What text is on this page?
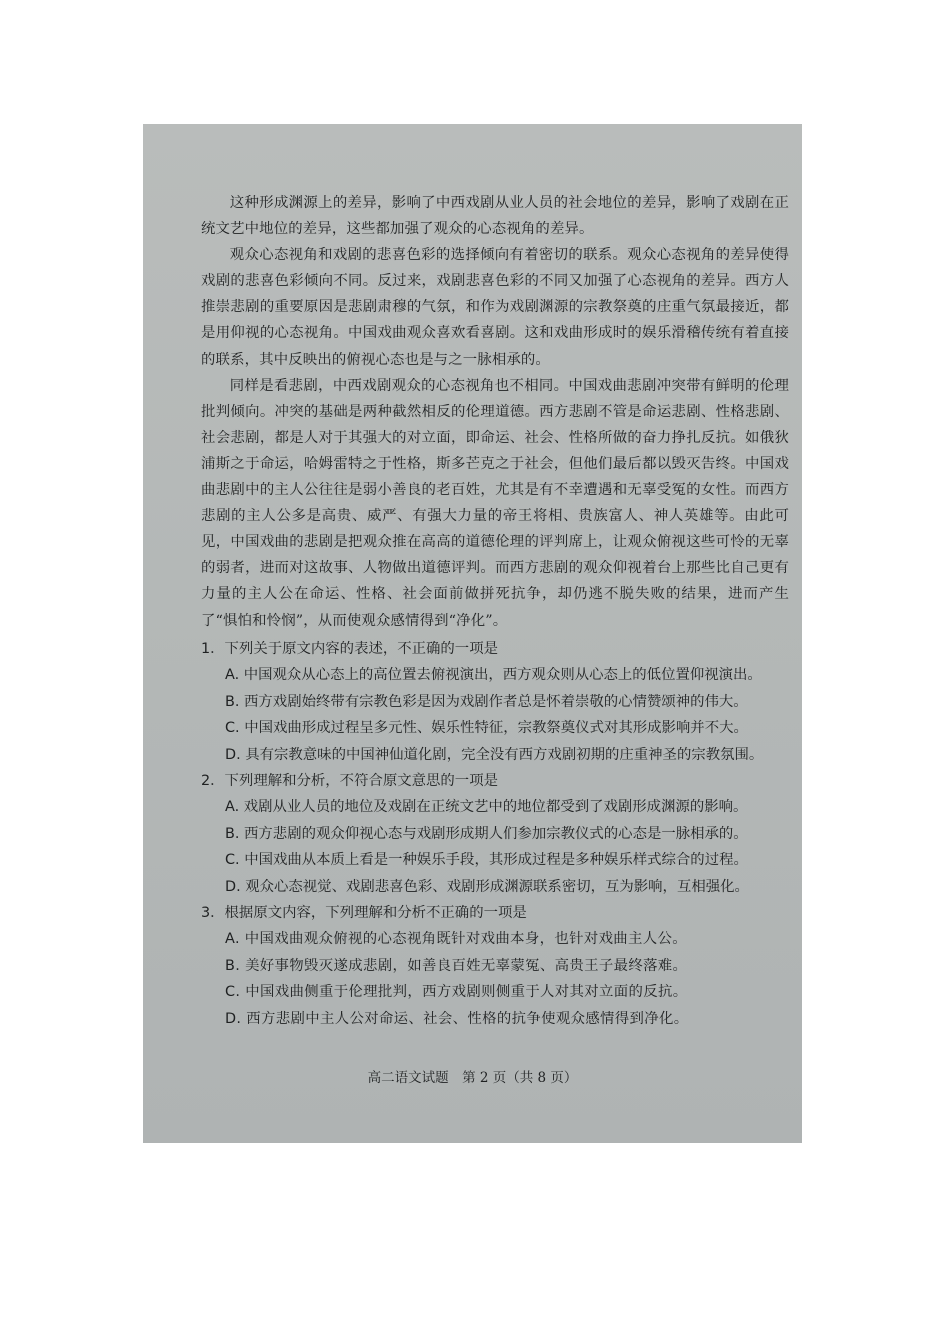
这种形成渊源上的差异，影响了中西戏剧从业人员的社会地位的差异，影响了戏剧在正统文艺中地位的差异，这些都加强了观众的心态视角的差异。

观众心态视角和戏剧的悲喜色彩的选择倾向有着密切的联系。观众心态视角的差异使得戏剧的悲喜色彩倾向不同。反过来，戏剧悲喜色彩的不同又加强了心态视角的差异。西方人推崇悲剧的重要原因是悲剧肃穆的气氛，和作为戏剧渊源的宗教祭奠的庄重气氛最接近，都是用仰视的心态视角。中国戏曲观众喜欢看喜剧。这和戏曲形成时的娱乐滑稽传统有着直接的联系，其中反映出的俯视心态也是与之一脉相承的。

同样是看悲剧，中西戏剧观众的心态视角也不相同。中国戏曲悲剧冲突带有鲜明的伦理批判倾向。冲突的基础是两种截然相反的伦理道德。西方悲剧不管是命运悲剧、性格悲剧、社会悲剧，都是人对于其强大的对立面，即命运、社会、性格所做的奋力挣扎反抗。如俄狄浦斯之于命运，哈姆雷特之于性格，斯多芒克之于社会，但他们最后都以毁灭告终。中国戏曲悲剧中的主人公往往是弱小善良的老百姓，尤其是有不幸遭遇和无辜受冤的女性。而西方悲剧的主人公多是高贵、威严、有强大力量的帝王将相、贵族富人、神人英雄等。由此可见，中国戏曲的悲剧是把观众推在高高的道德伦理的评判席上，让观众俯视这些可怜的无辜的弱者，进而对这故事、人物做出道德评判。而西方悲剧的观众仰视着台上那些比自己更有力量的主人公在命运、性格、社会面前做拼死抗争，却仍逃不脱失败的结果，进而产生了“惧怕和怜悯”，从而使观众感情得到“净化”。

1．下列关于原文内容的表述，不正确的一项是
A. 中国观众从心态上的高位置去俯视演出，西方观众则从心态上的低位置仰视演出。
B. 西方戏剧始终带有宗教色彩是因为戏剧作者总是怀着崇敬的心情赞颂神的伟大。
C. 中国戏曲形成过程呈多元性、娱乐性特征，宗教祭奠仪式对其形成影响并不大。
D. 具有宗教意味的中国神仙道化剧，完全没有西方戏剧初期的庄重神圣的宗教氛围。
2．下列理解和分析，不符合原文意思的一项是
A. 戏剧从业人员的地位及戏剧在正统文艺中的地位都受到了戏剧形成渊源的影响。
B. 西方悲剧的观众仰视心态与戏剧形成期人们参加宗教仪式的心态是一脉相承的。
C. 中国戏曲从本质上看是一种娱乐手段，其形成过程是多种娱乐样式综合的过程。
D. 观众心态视觉、戏剧悲喜色彩、戏剧形成渊源联系密切，互为影响，互相强化。
3．根据原文内容，下列理解和分析不正确的一项是
A. 中国戏曲观众俯视的心态视角既针对戏曲本身，也针对戏曲主人公。
B. 美好事物毁灭遂成悲剧，如善良百姓无辜蒙冤、高贵王子最终落难。
C. 中国戏曲侧重于伦理批判，西方戏剧则侧重于人对其对立面的反抗。
D. 西方悲剧中主人公对命运、社会、性格的抗争使观众感情得到净化。
高二语文试题　第 2 页（共 8 页）
